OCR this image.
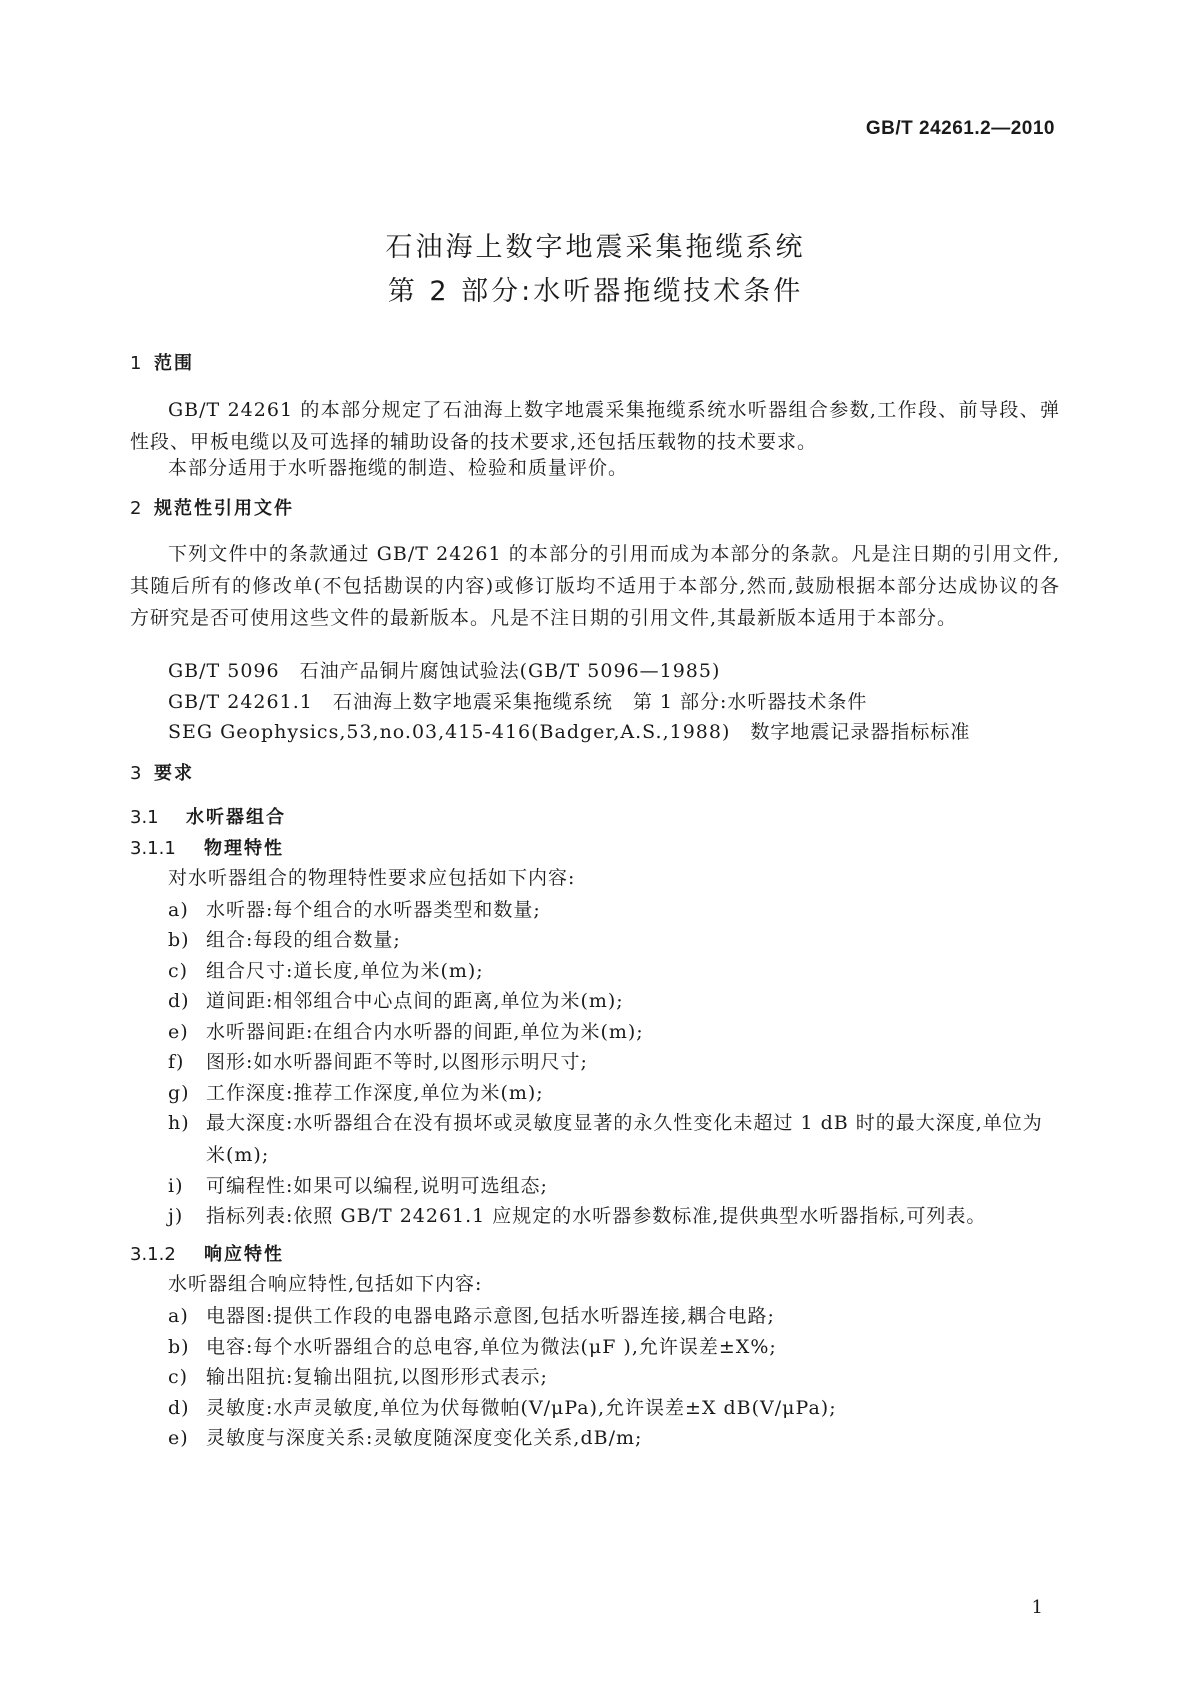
GB/T 24261.2—2010
石油海上数字地震采集拖缆系统
第 2 部分:水听器拖缆技术条件
1 范围
GB/T 24261 的本部分规定了石油海上数字地震采集拖缆系统水听器组合参数,工作段、前导段、弹性段、甲板电缆以及可选择的辅助设备的技术要求,还包括压载物的技术要求。
本部分适用于水听器拖缆的制造、检验和质量评价。
2 规范性引用文件
下列文件中的条款通过 GB/T 24261 的本部分的引用而成为本部分的条款。凡是注日期的引用文件,其随后所有的修改单(不包括勘误的内容)或修订版均不适用于本部分,然而,鼓励根据本部分达成协议的各方研究是否可使用这些文件的最新版本。凡是不注日期的引用文件,其最新版本适用于本部分。
GB/T 5096　石油产品铜片腐蚀试验法(GB/T 5096—1985)
GB/T 24261.1　石油海上数字地震采集拖缆系统　第 1 部分:水听器技术条件
SEG Geophysics,53,no.03,415-416(Badger,A.S.,1988)　数字地震记录器指标标准
3 要求
3.1 水听器组合
3.1.1 物理特性
对水听器组合的物理特性要求应包括如下内容:
a) 水听器:每个组合的水听器类型和数量;
b) 组合:每段的组合数量;
c) 组合尺寸:道长度,单位为米(m);
d) 道间距:相邻组合中心点间的距离,单位为米(m);
e) 水听器间距:在组合内水听器的间距,单位为米(m);
f) 图形:如水听器间距不等时,以图形示明尺寸;
g) 工作深度:推荐工作深度,单位为米(m);
h) 最大深度:水听器组合在没有损坏或灵敏度显著的永久性变化未超过 1 dB 时的最大深度,单位为米(m);
i) 可编程性:如果可以编程,说明可选组态;
j) 指标列表:依照 GB/T 24261.1 应规定的水听器参数标准,提供典型水听器指标,可列表。
3.1.2 响应特性
水听器组合响应特性,包括如下内容:
a) 电器图:提供工作段的电器电路示意图,包括水听器连接,耦合电路;
b) 电容:每个水听器组合的总电容,单位为微法(μF ),允许误差±X%;
c) 输出阻抗:复输出阻抗,以图形形式表示;
d) 灵敏度:水声灵敏度,单位为伏每微帕(V/μPa),允许误差±X dB(V/μPa);
e) 灵敏度与深度关系:灵敏度随深度变化关系,dB/m;
1
